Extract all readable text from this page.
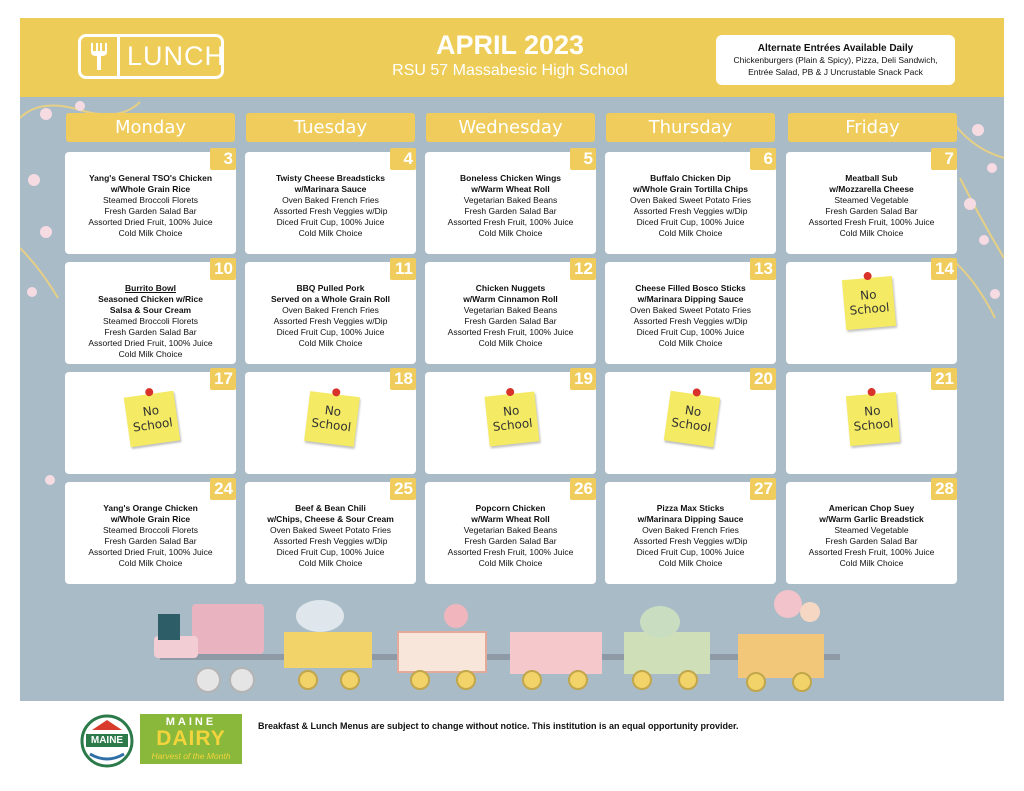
LUNCH	APRIL 2023
RSU 57 Massabesic High School
Alternate Entrées Available Daily
Chickenburgers (Plain & Spicy), Pizza, Deli Sandwich,
Entrée Salad, PB & J Uncrustable Snack Pack
Monday	Tuesday	Wednesday	Thursday	Friday
3
Yang's General TSO's Chicken
w/Whole Grain Rice
Steamed Broccoli Florets
Fresh Garden Salad Bar
Assorted Dried Fruit, 100% Juice
Cold Milk Choice
4
Twisty Cheese Breadsticks
w/Marinara Sauce
Oven Baked French Fries
Assorted Fresh Veggies w/Dip
Diced Fruit Cup, 100% Juice
Cold Milk Choice
5
Boneless Chicken Wings
w/Warm Wheat Roll
Vegetarian Baked Beans
Fresh Garden Salad Bar
Assorted Fresh Fruit, 100% Juice
Cold Milk Choice
6
Buffalo Chicken Dip
w/Whole Grain Tortilla Chips
Oven Baked Sweet Potato Fries
Assorted Fresh Veggies w/Dip
Diced Fruit Cup, 100% Juice
Cold Milk Choice
7
Meatball Sub
w/Mozzarella Cheese
Steamed Vegetable
Fresh Garden Salad Bar
Assorted Fresh Fruit, 100% Juice
Cold Milk Choice
10
Burrito Bowl
Seasoned Chicken w/Rice
Salsa & Sour Cream
Steamed Broccoli Florets
Fresh Garden Salad Bar
Assorted Dried Fruit, 100% Juice
Cold Milk Choice
11
BBQ Pulled Pork
Served on a Whole Grain Roll
Oven Baked French Fries
Assorted Fresh Veggies w/Dip
Diced Fruit Cup, 100% Juice
Cold Milk Choice
12
Chicken Nuggets
w/Warm Cinnamon Roll
Vegetarian Baked Beans
Fresh Garden Salad Bar
Assorted Fresh Fruit, 100% Juice
Cold Milk Choice
13
Cheese Filled Bosco Sticks
w/Marinara Dipping Sauce
Oven Baked Sweet Potato Fries
Assorted Fresh Veggies w/Dip
Diced Fruit Cup, 100% Juice
Cold Milk Choice
14
No
School
17
No
School
18
No
School
19
No
School
20
No
School
21
No
School
24
Yang's Orange Chicken
w/Whole Grain Rice
Steamed Broccoli Florets
Fresh Garden Salad Bar
Assorted Dried Fruit, 100% Juice
Cold Milk Choice
25
Beef & Bean Chili
w/Chips, Cheese & Sour Cream
Oven Baked Sweet Potato Fries
Assorted Fresh Veggies w/Dip
Diced Fruit Cup, 100% Juice
Cold Milk Choice
26
Popcorn Chicken
w/Warm Wheat Roll
Vegetarian Baked Beans
Fresh Garden Salad Bar
Assorted Fresh Fruit, 100% Juice
Cold Milk Choice
27
Pizza Max Sticks
w/Marinara Dipping Sauce
Oven Baked French Fries
Assorted Fresh Veggies w/Dip
Diced Fruit Cup, 100% Juice
Cold Milk Choice
28
American Chop Suey
w/Warm Garlic Breadstick
Steamed Vegetable
Fresh Garden Salad Bar
Assorted Fresh Fruit, 100% Juice
Cold Milk Choice
MAINE
MAINE
DAIRY
Harvest of the Month
Breakfast & Lunch Menus are subject to change without notice. This institution is an equal opportunity provider.
